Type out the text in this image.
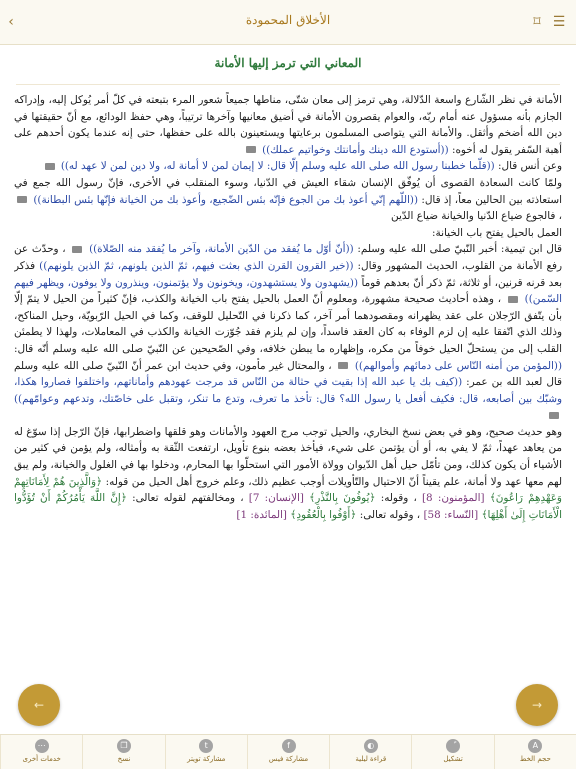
☰
⌑
الأخلاق المحمودة
‹
المعاني التي ترمز إليها الأمانة

الأمانة في نظر الشّارع واسعة الدّلالة، وهي ترمز إلى معان شتّى، مناطها جميعاً شعور المرء بتبعته في كلّ أمر يُوكل إليه، وإدراكه الجازم بأنه مسؤول عنه أمام ربّه، والعوام يقصرون الأمانة في أضيق معانيها وآخرها ترتيباً، وهي حفظ الودائع، مع أنّ حقيقتها في دين الله أضخم وأثقل. والأمانة التي يتواصى المسلمون برعايتها ويستعينون بالله على حفظها، حتى إنه عندما يكون أحدهم على أهبة السّفر يقول له أخوه: ((أستودع الله دينك وأمانتك وخواتيم عملك))

وعن أنس قال: ((قلّما خطبنا رسول الله صلى الله عليه وسلم إلّا قال: لا إيمان لمن لا أمانة له، ولا دين لمن لا عهد له))

ولمّا كانت السعادة القصوى أن يُوفّق الإنسان شقاء العيش في الدّنيا، وسوء المنقلب في الأخرى، فإنّ رسول الله جمع في استعاذته بين الحالين معاً، إذ قال: ((اللّهم إنّي أعوذ بك من الجوع فإنّه بئس الضّجيع، وأعوذ بك من الخيانة فإنّها بئس البطانة))  ، فالجوع ضياع الدّنيا والخيانة ضياع الدّين

العمل بالحيل يفتح باب الخيانة:

قال ابن تيمية: أخبر النّبيّ صلى الله عليه وسلم: ((أنّ أوّل ما يُفقد من الدّين الأمانة، وآخر ما يُفقد منه الصّلاة))  ، وحدّث عن رفع الأمانة من القلوب، الحديث المشهور وقال: ((خير القرون القرن الذي بعثت فيهم، ثمّ الذين يلونهم، ثمّ الذين يلونهم)) فذكر بعد قرنه قرنين، أو ثلاثة، ثمّ ذكر أنّ بعدهم قوماً ((يشهدون ولا يستشهدون، ويخونون ولا يؤتمنون، وينذرون ولا يوفون، ويظهر فيهم السّمن))  ، وهذه أحاديث صحيحة مشهورة، ومعلوم أنّ العمل بالحيل يفتح باب الخيانة والكذب، فإنّ كثيراً من الحيل لا يتمّ إلّا بأن يتّفق الرّجلان على عقد يظهرانه ومقصودهما أمر آخر، كما ذكرنا في التّحليل للوقف، وكما في الحيل الرّبويّة، وحيل المناكح، وذلك الذي اتّفقا عليه إن لزم الوفاء به كان العقد فاسداً، وإن لم يلزم فقد جُوّزت الخيانة والكذب في المعاملات، ولهذا لا يطمئن القلب إلى من يستحلّ الحيل خوفاً من مكره، وإظهاره ما يبطن خلافه، وفي الصّحيحين عن النّبيّ صلى الله عليه وسلم أنّه قال: ((المؤمن من أمنه النّاس على دمائهم وأموالهم))  ، والمحتال غير مأمون، وفي حديث ابن عمر أنّ النّبيّ صلى الله عليه وسلم قال لعبد الله بن عمر: ((كيف بك يا عبد الله إذا بقيت في حثالة من النّاس قد مرجت عهودهم وأماناتهم، واختلفوا فصاروا هكذا، وشبّك بين أصابعه، قال: فكيف أفعل يا رسول الله؟ قال: تأخذ ما تعرف، وتدع ما تنكر، وتقبل على خاصّتك، وتدعهم وعوامّهم))

وهو حديث صحيح، وهو في بعض نسخ البخاري، والحيل توجب مرج العهود والأمانات وهو قلقها واضطرابها، فإنّ الرّجل إذا سوّغ له من يعاهد عهداً، ثمّ لا يفي به، أو أن يؤتمن على شيء، فيأخذ بعضه بنوع تأويل، ارتفعت الثّقة به وأمثاله، ولم يؤمن في كثير من الأشياء أن يكون كذلك، ومن تأمّل حيل أهل الدّيوان وولاة الأمور التي استحلّوا بها المحارم، ودخلوا بها في الغلول والخيانة، ولم يبق لهم معها عهد ولا أمانة، علم يقيناً أنّ الاحتيال والتّأويلات أوجب عظيم ذلك، وعلم خروج أهل الحيل من قوله: ﴿وَالَّذِينَ هُمْ لِأَمَانَاتِهِمْ وَعَهْدِهِمْ رَاعُونَ﴾ [المؤمنون: 8] ، وقوله: ﴿يُوفُونَ بِالنَّذْرِ﴾ [الإنسان: 7] ، ومخالفتهم لقوله تعالى: ﴿إِنَّ اللَّهَ يَأْمُرُكُمْ أَنْ تُؤَدُّوا الْأَمَانَاتِ إِلَىٰ أَهْلِهَا﴾ [النّساء: 58] ، وقوله تعالى: ﴿أَوْفُوا بِالْعُقُودِ﴾ [المائدة: 1]

←	→
A
حجم الخط
تشكيل
◐
قراءة ليلية
f
مشاركة فيس
t
مشاركة تويتر
❐
نسخ
⋯
خدمات أخرى
